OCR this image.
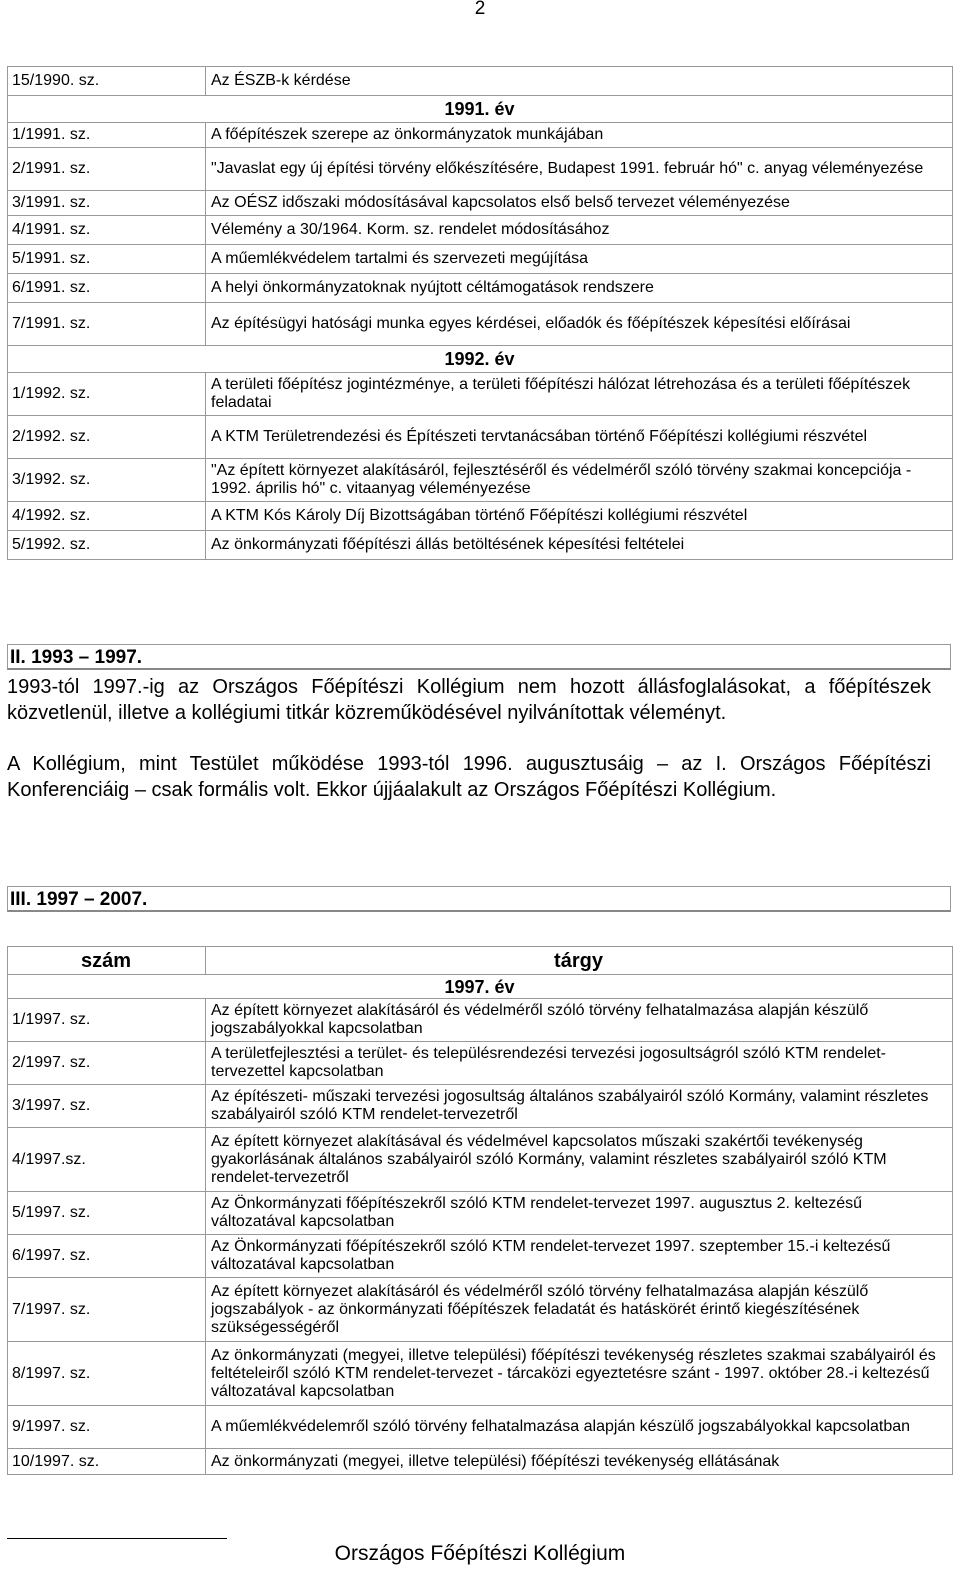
2
15/1990. sz.	Az ÉSZB-k kérdése
1991. év	
1/1991. sz.	A főépítészek szerepe az önkormányzatok munkájában
2/1991. sz.	"Javaslat egy új építési törvény előkészítésére, Budapest 1991. február hó" c. anyag véleményezése
3/1991. sz.	Az OÉSZ időszaki módosításával kapcsolatos első belső tervezet véleményezése
4/1991. sz.	Vélemény a 30/1964. Korm. sz. rendelet módosításához
5/1991. sz.	A műemlékvédelem tartalmi és szervezeti megújítása
6/1991. sz.	A helyi önkormányzatoknak nyújtott céltámogatások rendszere
7/1991. sz.	Az építésügyi hatósági munka egyes kérdései, előadók és főépítészek képesítési előírásai
1992. év	
1/1992. sz.	A területi főépítész jogintézménye, a területi főépítészi hálózat létrehozása és a területi főépítészek feladatai
2/1992. sz.	A KTM Területrendezési és Építészeti tervtanácsában történő Főépítészi kollégiumi részvétel
3/1992. sz.	"Az épített környezet alakításáról, fejlesztéséről és védelméről szóló törvény szakmai koncepciója - 1992. április hó" c. vitaanyag véleményezése
4/1992. sz.	A KTM Kós Károly Díj Bizottságában történő Főépítészi kollégiumi részvétel
5/1992. sz.	Az önkormányzati főépítészi állás betöltésének képesítési feltételei
II. 1993 – 1997.
1993-tól 1997.-ig az Országos Főépítészi Kollégium nem hozott állásfoglalásokat, a főépítészek közvetlenül, illetve a kollégiumi titkár közreműködésével nyilvánítottak véleményt.
A Kollégium, mint Testület működése 1993-tól 1996. augusztusáig – az I. Országos Főépítészi Konferenciáig – csak formális volt. Ekkor újjáalakult az Országos Főépítészi Kollégium.
III. 1997 – 2007.
szám	tárgy
1997. év	
1/1997. sz.	Az épített környezet alakításáról és védelméről szóló törvény felhatalmazása alapján készülő jogszabályokkal kapcsolatban
2/1997. sz.	A területfejlesztési a terület- és településrendezési tervezési jogosultságról szóló KTM rendelet-tervezettel kapcsolatban
3/1997. sz.	Az építészeti- műszaki tervezési jogosultság általános szabályairól szóló Kormány, valamint részletes szabályairól szóló KTM rendelet-tervezetről
4/1997.sz.	Az épített környezet alakításával és védelmével kapcsolatos műszaki szakértői tevékenység gyakorlásának általános szabályairól szóló Kormány, valamint részletes szabályairól szóló KTM rendelet-tervezetről
5/1997. sz.	Az Önkormányzati főépítészekről szóló KTM rendelet-tervezet 1997. augusztus 2. keltezésű változatával kapcsolatban
6/1997. sz.	Az Önkormányzati főépítészekről szóló KTM rendelet-tervezet 1997. szeptember 15.-i keltezésű változatával kapcsolatban
7/1997. sz.	Az épített környezet alakításáról és védelméről szóló törvény felhatalmazása alapján készülő jogszabályok - az önkormányzati főépítészek feladatát és hatáskörét érintő kiegészítésének szükségességéről
8/1997. sz.	Az önkormányzati (megyei, illetve települési) főépítészi tevékenység részletes szakmai szabályairól és feltételeiről szóló KTM rendelet-tervezet - tárcaközi egyeztetésre szánt - 1997. október 28.-i keltezésű változatával kapcsolatban
9/1997. sz.	A műemlékvédelemről szóló törvény felhatalmazása alapján készülő jogszabályokkal kapcsolatban
10/1997. sz.	Az önkormányzati (megyei, illetve települési) főépítészi tevékenység ellátásának
Országos Főépítészi Kollégium
